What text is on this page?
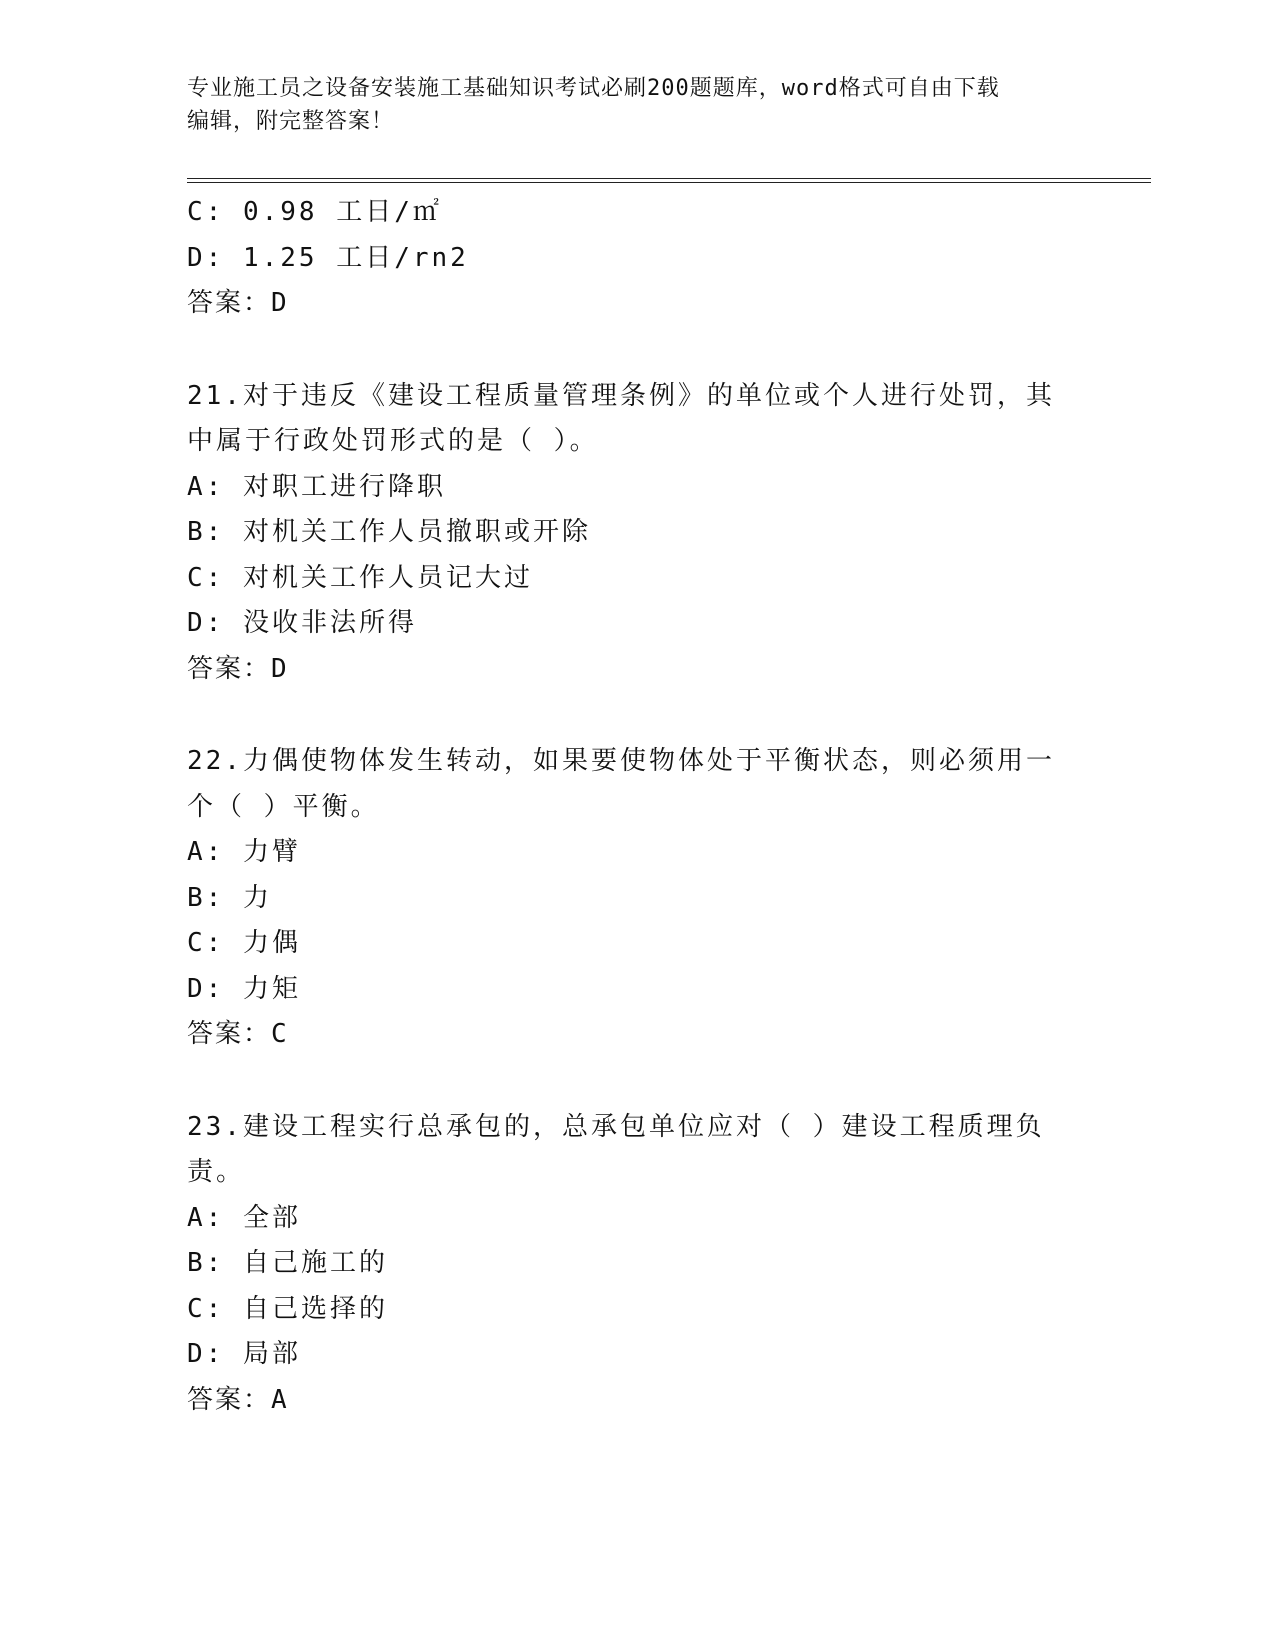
专业施工员之设备安装施工基础知识考试必刷200题题库，word格式可自由下载
编辑，附完整答案！
C: 0.98 工日/㎡
D: 1.25 工日/rn2
答案：D
21.对于违反《建设工程质量管理条例》的单位或个人进行处罚，其中属于行政处罚形式的是（ ）。
A: 对职工进行降职
B: 对机关工作人员撤职或开除
C: 对机关工作人员记大过
D: 没收非法所得
答案：D
22.力偶使物体发生转动，如果要使物体处于平衡状态，则必须用一个（ ）平衡。
A: 力臂
B: 力
C: 力偶
D: 力矩
答案：C
23.建设工程实行总承包的，总承包单位应对（ ）建设工程质理负责。
A: 全部
B: 自己施工的
C: 自己选择的
D: 局部
答案：A
